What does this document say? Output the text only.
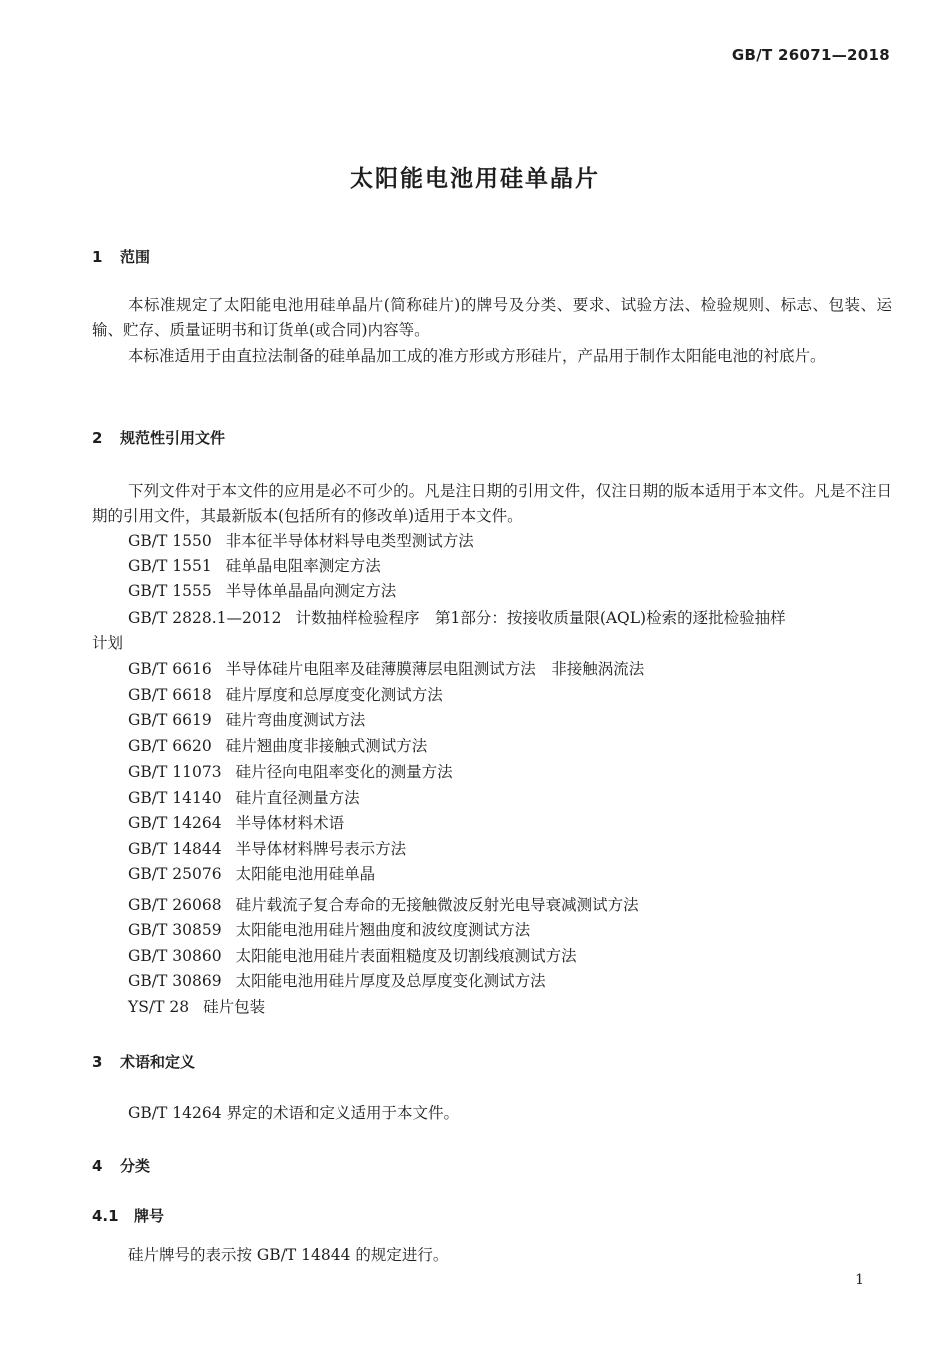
GB/T 26071—2018
太阳能电池用硅单晶片
1 范围
本标准规定了太阳能电池用硅单晶片(简称硅片)的牌号及分类、要求、试验方法、检验规则、标志、包装、运输、贮存、质量证明书和订货单(或合同)内容等。
本标准适用于由直拉法制备的硅单晶加工成的准方形或方形硅片，产品用于制作太阳能电池的衬底片。
2 规范性引用文件
下列文件对于本文件的应用是必不可少的。凡是注日期的引用文件，仅注日期的版本适用于本文件。凡是不注日期的引用文件，其最新版本(包括所有的修改单)适用于本文件。
GB/T 1550 非本征半导体材料导电类型测试方法
GB/T 1551 硅单晶电阻率测定方法
GB/T 1555 半导体单晶晶向测定方法
GB/T 2828.1—2012 计数抽样检验程序　第1部分：按接收质量限(AQL)检索的逐批检验抽样
计划
GB/T 6616 半导体硅片电阻率及硅薄膜薄层电阻测试方法　非接触涡流法
GB/T 6618 硅片厚度和总厚度变化测试方法
GB/T 6619 硅片弯曲度测试方法
GB/T 6620 硅片翘曲度非接触式测试方法
GB/T 11073 硅片径向电阻率变化的测量方法
GB/T 14140 硅片直径测量方法
GB/T 14264 半导体材料术语
GB/T 14844 半导体材料牌号表示方法
GB/T 25076 太阳能电池用硅单晶
GB/T 26068 硅片载流子复合寿命的无接触微波反射光电导衰减测试方法
GB/T 30859 太阳能电池用硅片翘曲度和波纹度测试方法
GB/T 30860 太阳能电池用硅片表面粗糙度及切割线痕测试方法
GB/T 30869 太阳能电池用硅片厚度及总厚度变化测试方法
YS/T 28 硅片包装
3 术语和定义
GB/T 14264 界定的术语和定义适用于本文件。
4 分类
4.1 牌号
硅片牌号的表示按 GB/T 14844 的规定进行。
1
